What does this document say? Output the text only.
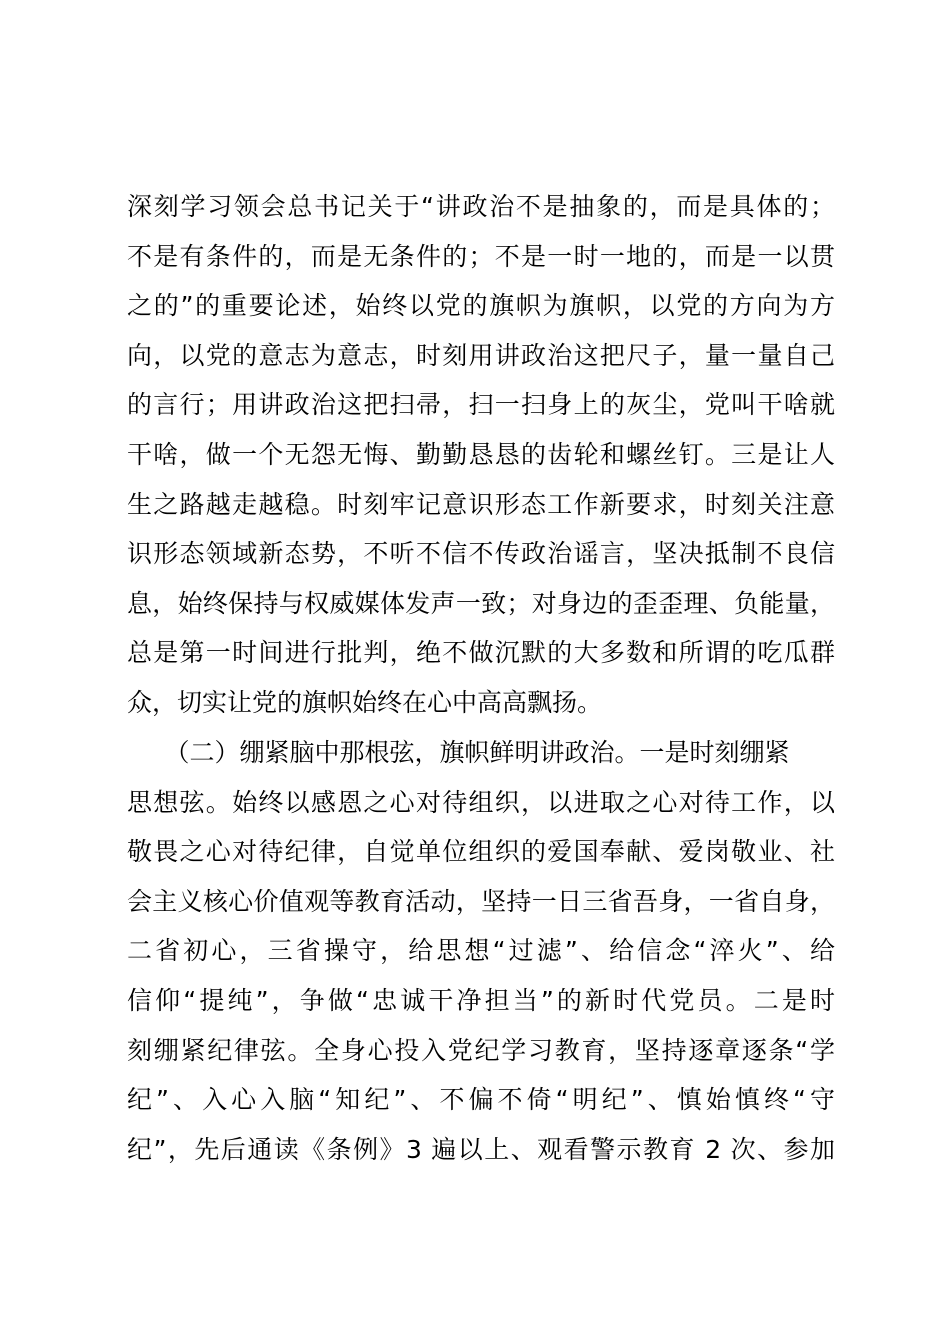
深刻学习领会总书记关于“讲政治不是抽象的，而是具体的；
不是有条件的，而是无条件的；不是一时一地的，而是一以贯
之的”的重要论述，始终以党的旗帜为旗帜，以党的方向为方
向，以党的意志为意志，时刻用讲政治这把尺子，量一量自己
的言行；用讲政治这把扫帚，扫一扫身上的灰尘，党叫干啥就
干啥，做一个无怨无悔、勤勤恳恳的齿轮和螺丝钉。三是让人
生之路越走越稳。时刻牢记意识形态工作新要求，时刻关注意
识形态领域新态势，不听不信不传政治谣言，坚决抵制不良信
息，始终保持与权威媒体发声一致；对身边的歪歪理、负能量，
总是第一时间进行批判，绝不做沉默的大多数和所谓的吃瓜群
众，切实让党的旗帜始终在心中高高飘扬。
　　（二）绷紧脑中那根弦，旗帜鲜明讲政治。一是时刻绷紧
思想弦。始终以感恩之心对待组织，以进取之心对待工作，以
敬畏之心对待纪律，自觉单位组织的爱国奉献、爱岗敬业、社
会主义核心价值观等教育活动，坚持一日三省吾身，一省自身，
二省初心，三省操守，给思想“过滤”、给信念“淬火”、给
信仰“提纯”，争做“忠诚干净担当”的新时代党员。二是时
刻绷紧纪律弦。全身心投入党纪学习教育，坚持逐章逐条“学
纪”、入心入脑“知纪”、不偏不倚“明纪”、慎始慎终“守
纪”，先后通读《条例》3 遍以上、观看警示教育 2 次、参加
